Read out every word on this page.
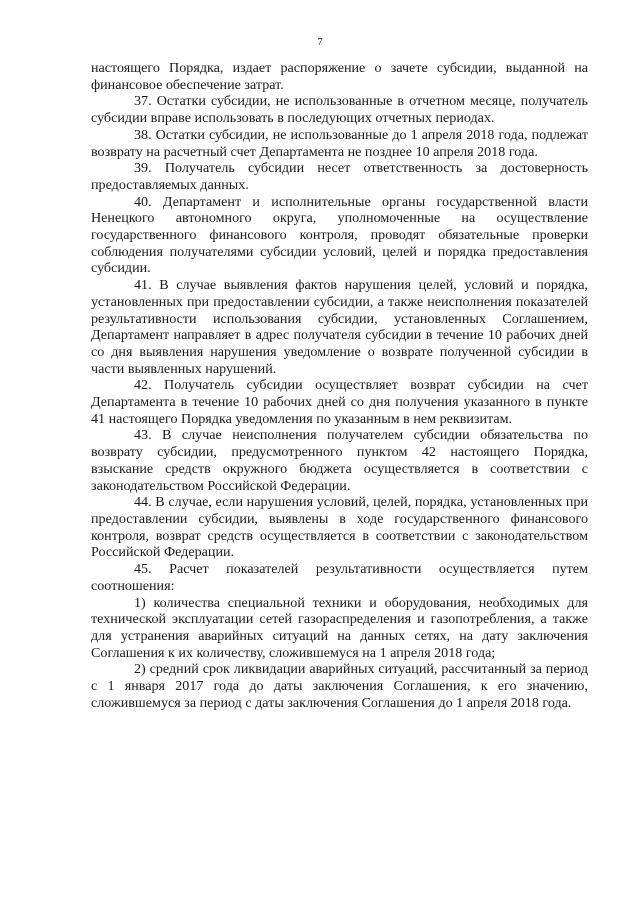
7

настоящего Порядка, издает распоряжение о зачете субсидии, выданной на финансовое обеспечение затрат.

37. Остатки субсидии, не использованные в отчетном месяце, получатель субсидии вправе использовать в последующих отчетных периодах.

38. Остатки субсидии, не использованные до 1 апреля 2018 года, подлежат возврату на расчетный счет Департамента не позднее 10 апреля 2018 года.

39. Получатель субсидии несет ответственность за достоверность предоставляемых данных.

40. Департамент и исполнительные органы государственной власти Ненецкого автономного округа, уполномоченные на осуществление государственного финансового контроля, проводят обязательные проверки соблюдения получателями субсидии условий, целей и порядка предоставления субсидии.

41. В случае выявления фактов нарушения целей, условий и порядка, установленных при предоставлении субсидии, а также неисполнения показателей результативности использования субсидии, установленных Соглашением, Департамент направляет в адрес получателя субсидии в течение 10 рабочих дней со дня выявления нарушения уведомление о возврате полученной субсидии в части выявленных нарушений.

42. Получатель субсидии осуществляет возврат субсидии на счет Департамента в течение 10 рабочих дней со дня получения указанного в пункте 41 настоящего Порядка уведомления по указанным в нем реквизитам.

43. В случае неисполнения получателем субсидии обязательства по возврату субсидии, предусмотренного пунктом 42 настоящего Порядка, взыскание средств окружного бюджета осуществляется в соответствии с законодательством Российской Федерации.

44. В случае, если нарушения условий, целей, порядка, установленных при предоставлении субсидии, выявлены в ходе государственного финансового контроля, возврат средств осуществляется в соответствии с законодательством Российской Федерации.

45. Расчет показателей результативности осуществляется путем соотношения:

1) количества специальной техники и оборудования, необходимых для технической эксплуатации сетей газораспределения и газопотребления, а также для устранения аварийных ситуаций на данных сетях, на дату заключения Соглашения к их количеству, сложившемуся на 1 апреля 2018 года;

2) средний срок ликвидации аварийных ситуаций, рассчитанный за период с 1 января 2017 года до даты заключения Соглашения, к его значению, сложившемуся за период с даты заключения Соглашения до 1 апреля 2018 года.
